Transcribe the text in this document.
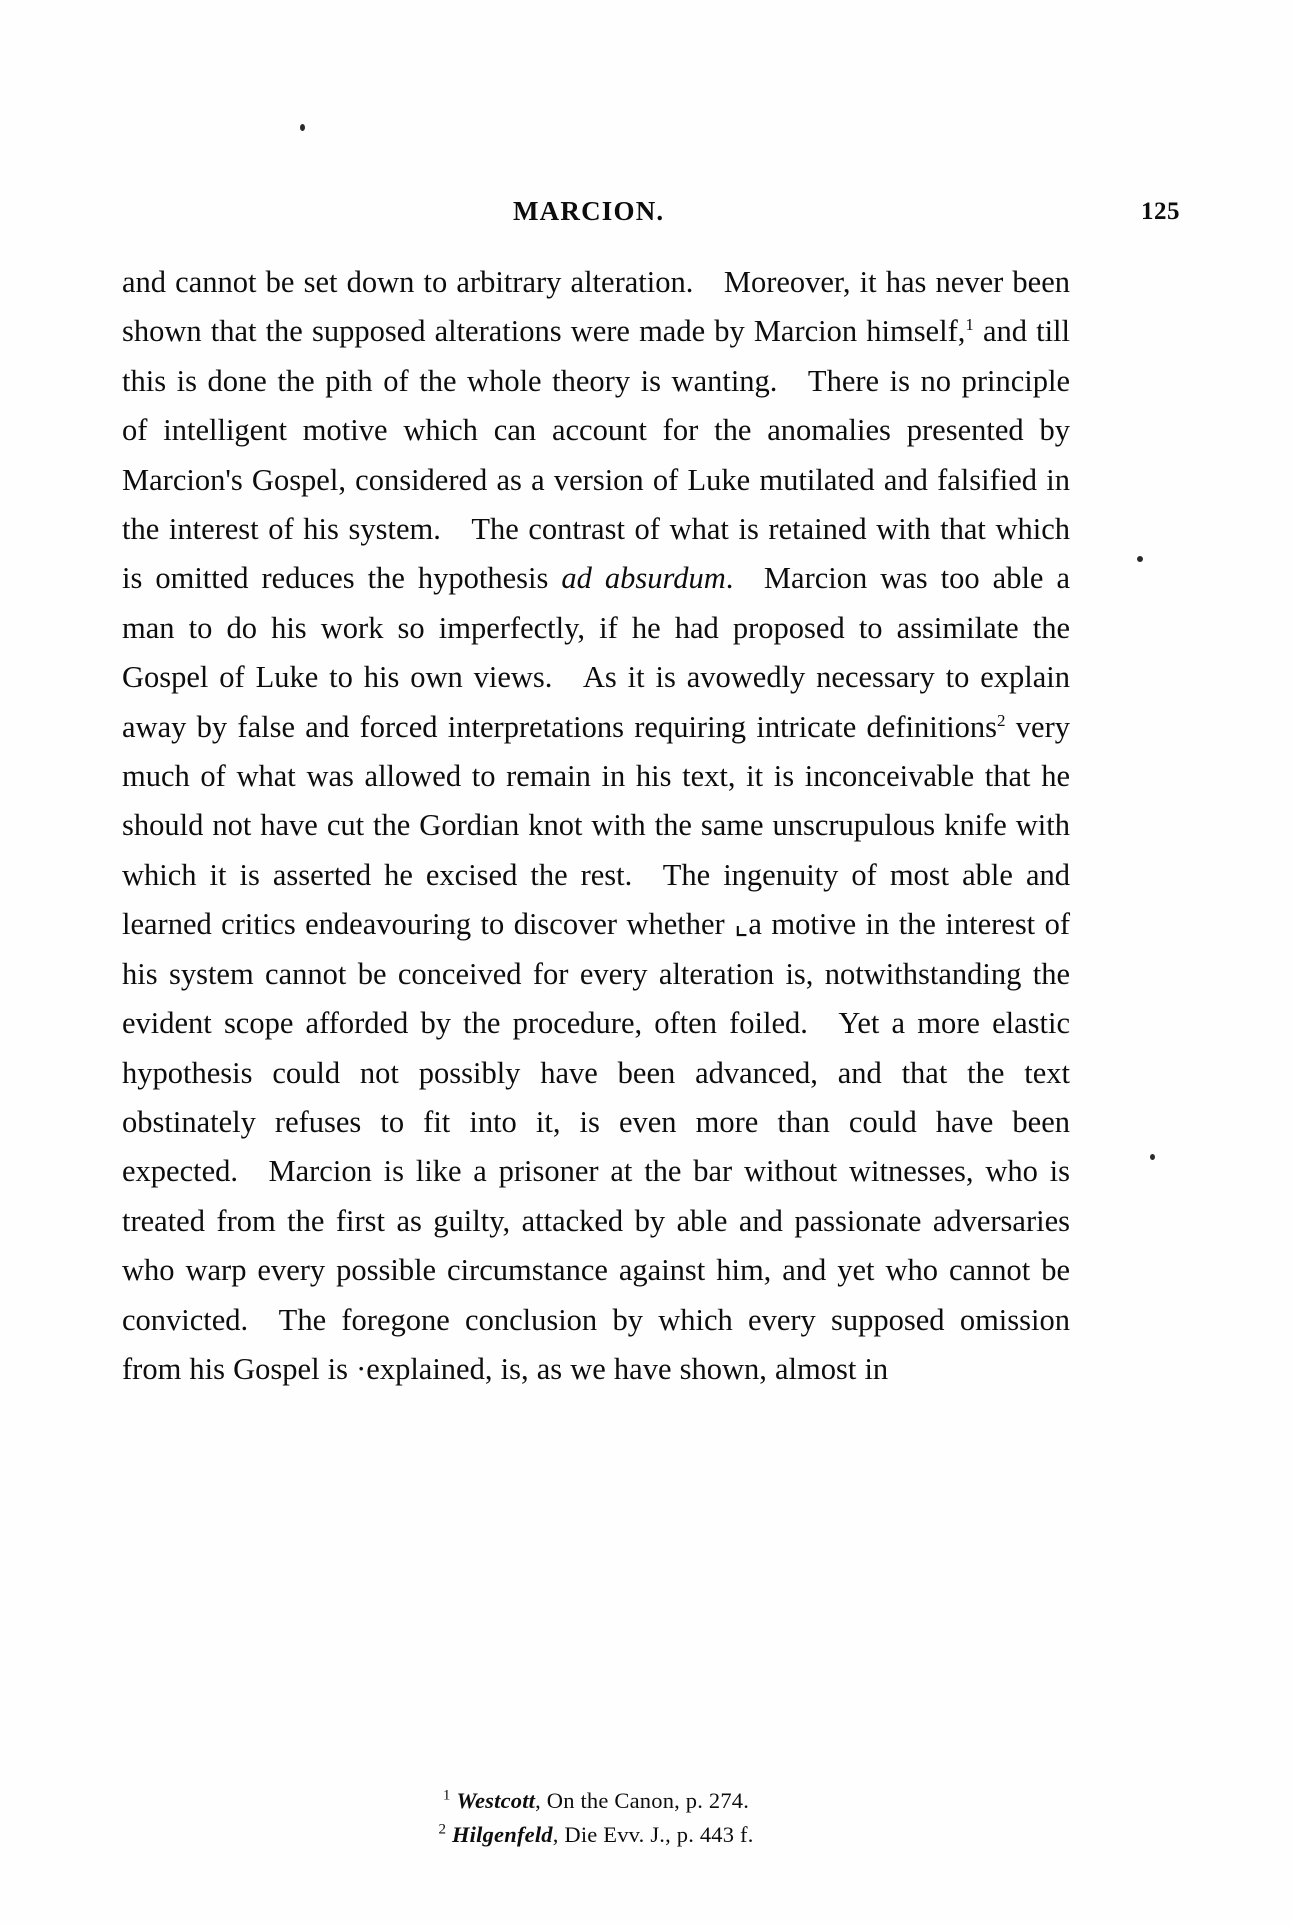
MARCION.	125

and cannot be set down to arbitrary alteration. Moreover, it has never been shown that the supposed alterations were made by Marcion himself,$^1$ and till this is done the pith of the whole theory is wanting. There is no principle of intelligent motive which can account for the anomalies presented by Marcion's Gospel, considered as a version of Luke mutilated and falsified in the interest of his system. The contrast of what is retained with that which is omitted reduces the hypothesis ad absurdum. Marcion was too able a man to do his work so imperfectly, if he had proposed to assimilate the Gospel of Luke to his own views. As it is avowedly necessary to explain away by false and forced interpretations requiring intricate definitions$^2$ very much of what was allowed to remain in his text, it is inconceivable that he should not have cut the Gordian knot with the same unscrupulous knife with which it is asserted he excised the rest. The ingenuity of most able and learned critics endeavouring to discover whether ⌞a motive in the interest of his system cannot be conceived for every alteration is, notwithstanding the evident scope afforded by the procedure, often foiled. Yet a more elastic hypothesis could not possibly have been advanced, and that the text obstinately refuses to fit into it, is even more than could have been expected. Marcion is like a prisoner at the bar without witnesses, who is treated from the first as guilty, attacked by able and passionate adversaries who warp every possible circumstance against him, and yet who cannot be convicted. The foregone conclusion by which every supposed omission from his Gospel is ·explained, is, as we have shown, almost in

$^1$ Westcott, On the Canon, p. 274.
$^2$ Hilgenfeld, Die Evv. J., p. 443 f.
